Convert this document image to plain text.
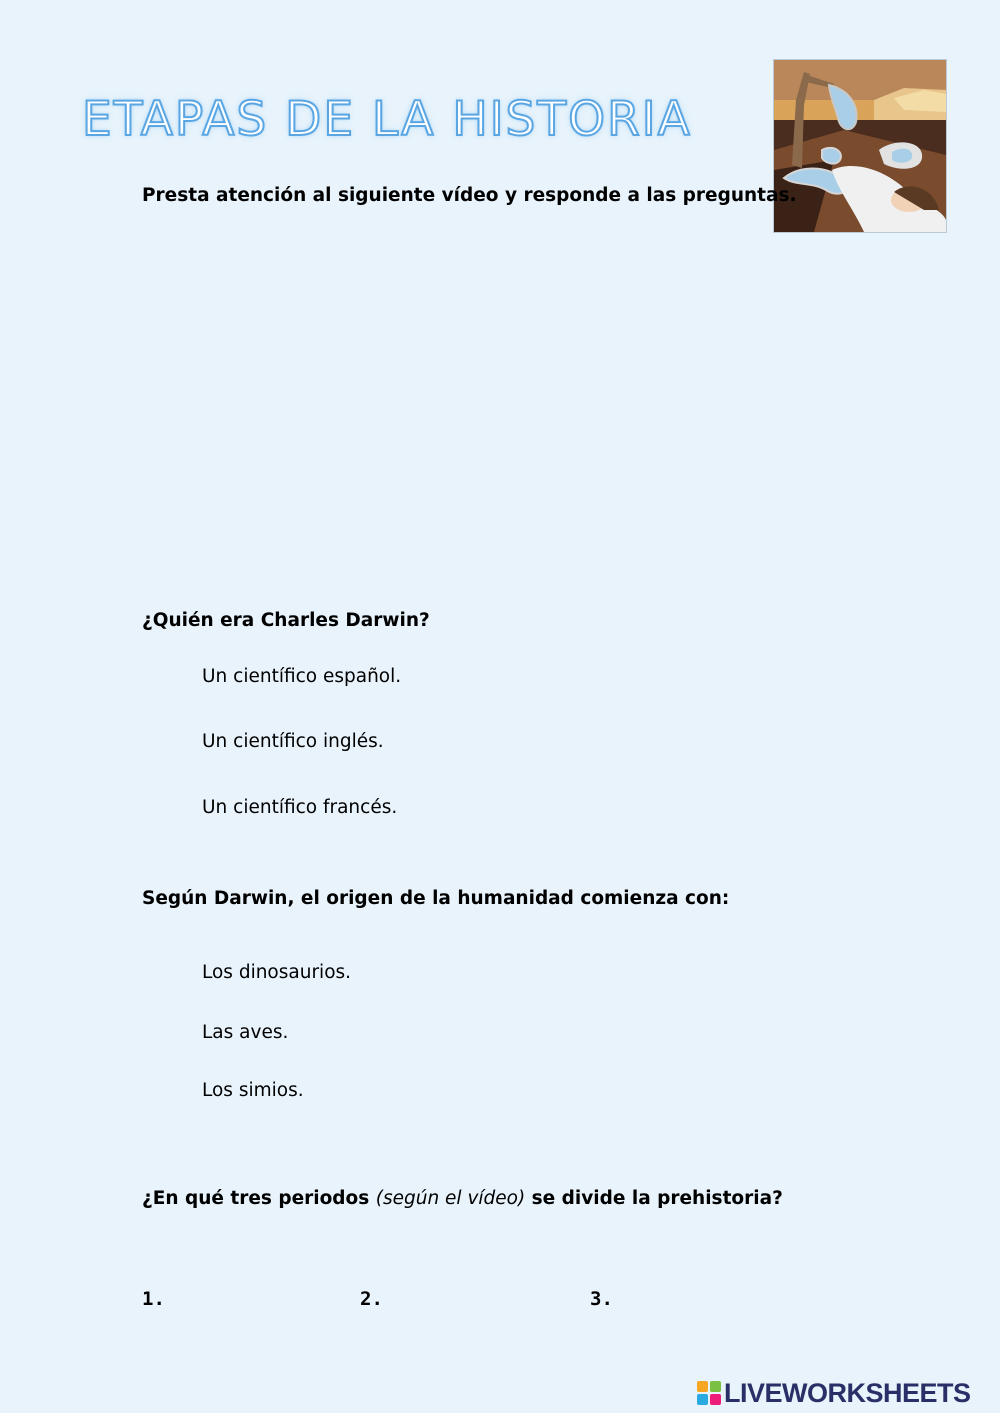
ETAPAS DE LA HISTORIA
Presta atención al siguiente vídeo y responde a las preguntas.
¿Quién era Charles Darwin?
Un científico español.
Un científico inglés.
Un científico francés.
Según Darwin, el origen de la humanidad comienza con:
Los dinosaurios.
Las aves.
Los simios.
¿En qué tres periodos (según el vídeo) se divide la prehistoria?
1.	2.	3.
LIVEWORKSHEETS
